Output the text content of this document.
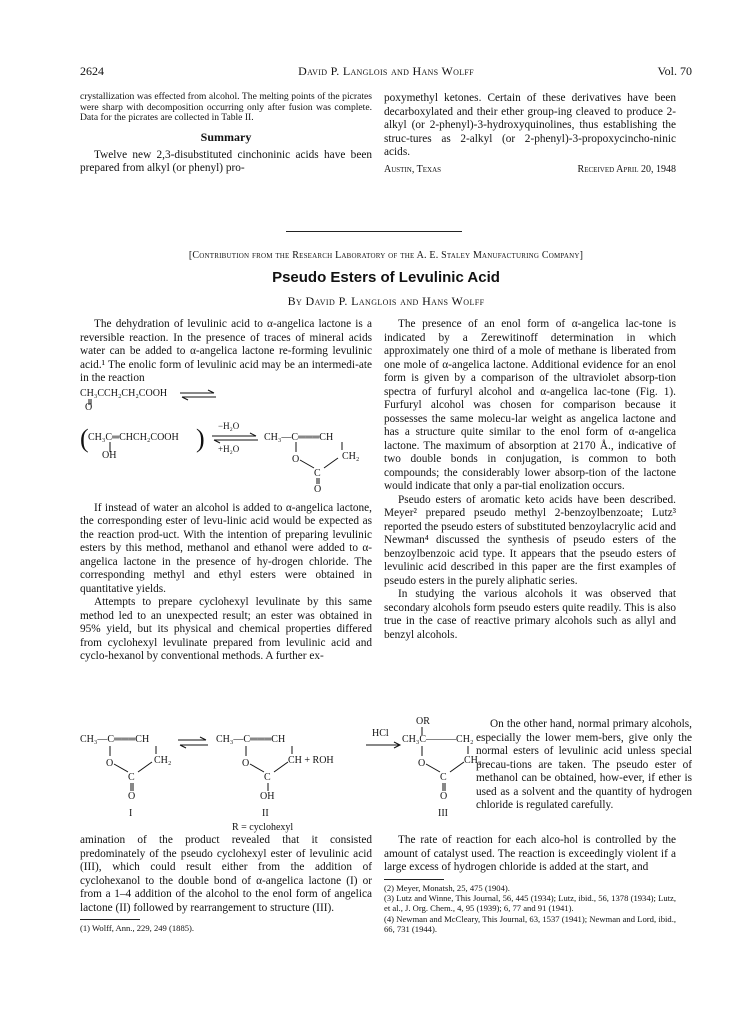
2624	David P. Langlois and Hans Wolff	Vol. 70

crystallization was effected from alcohol. The melting points of the picrates were sharp with decomposition occurring only after fusion was complete. Data for the picrates are collected in Table II.

Summary

Twelve new 2,3-disubstituted cinchoninic acids have been prepared from alkyl (or phenyl) pro-

poxymethyl ketones. Certain of these derivatives have been decarboxylated and their ether group-ing cleaved to produce 2-alkyl (or 2-phenyl)-3-hydroxyquinolines, thus establishing the struc-tures as 2-alkyl (or 2-phenyl)-3-propoxycincho-ninic acids.

Austin, Texas	Received April 20, 1948
[Contribution from the Research Laboratory of the A. E. Staley Manufacturing Company]
Pseudo Esters of Levulinic Acid
By David P. Langlois and Hans Wolff

The dehydration of levulinic acid to α-angelica lactone is a reversible reaction. In the presence of traces of mineral acids water can be added to α-angelica lactone re-forming levulinic acid.¹ The enolic form of levulinic acid may be an intermedi-ate in the reaction

CH₃CCH₂CH₂COOH ⇌
O
( CH₃C═CHCH₂COOH
OH
) −H₂O
+H₂O
CH₃—C═══CH
O	CH₂
C
O

If instead of water an alcohol is added to α-angelica lactone, the corresponding ester of levu-linic acid would be expected as the reaction prod-uct. With the intention of preparing levulinic esters by this method, methanol and ethanol were added to α-angelica lactone in the presence of hy-drogen chloride. The corresponding methyl and ethyl esters were obtained in quantitative yields.

Attempts to prepare cyclohexyl levulinate by this same method led to an unexpected result; an ester was obtained in 95% yield, but its physical and chemical properties differed from cyclohexyl levulinate prepared from levulinic acid and cyclo-hexanol by conventional methods. A further ex-

The presence of an enol form of α-angelica lac-tone is indicated by a Zerewitinoff determination in which approximately one third of a mole of methane is liberated from one mole of α-angelica lactone. Additional evidence for an enol form is given by a comparison of the ultraviolet absorp-tion spectra of furfuryl alcohol and α-angelica lac-tone (Fig. 1). Furfuryl alcohol was chosen for comparison because it possesses the same molecu-lar weight as angelica lactone and has a structure quite similar to the enol form of α-angelica lactone. The maximum of absorption at 2170 Å., indicative of two double bonds in conjugation, is common to both compounds; the considerably lower absorp-tion of the lactone would indicate that only a par-tial enolization occurs.

Pseudo esters of aromatic keto acids have been described. Meyer² prepared pseudo methyl 2-benzoylbenzoate; Lutz³ reported the pseudo esters of substituted benzoylacrylic acid and Newman⁴ discussed the synthesis of pseudo esters of the benzoylbenzoic acid type. It appears that the pseudo esters of levulinic acid described in this paper are the first examples of pseudo esters in the purely aliphatic series.

In studying the various alcohols it was observed that secondary alcohols form pseudo esters quite readily. This is also true in the case of reactive primary alcohols such as allyl and benzyl alcohols.

On the other hand, normal primary alcohols, especially the lower mem-bers, give only the normal esters of levulinic acid unless special precau-tions are taken. The pseudo ester of methanol can be obtained, how-ever, if ether is used as a solvent and the quantity of hydrogen chloride is regulated carefully.

CH₃—C═══CH
O	CH₂
C
O
I
CH₃—C═══CH
O	CH + ROH
C
OH
II
HCl
OR
CH₃C———CH₂
O	CH₂
C
O
III
R = cyclohexyl

amination of the product revealed that it consisted predominately of the pseudo cyclohexyl ester of levulinic acid (III), which could result either from the addition of cyclohexanol to the double bond of α-angelica lactone (I) or from a 1–4 addition of the alcohol to the enol form of angelica lactone (II) followed by rearrangement to structure (III).

(1) Wolff, Ann., 229, 249 (1885).

The rate of reaction for each alco-hol is controlled by the amount of catalyst used. The reaction is exceedingly violent if a large excess of hydrogen chloride is added at the start, and

(2) Meyer, Monatsh, 25, 475 (1904).

(3) Lutz and Winne, This Journal, 56, 445 (1934); Lutz, ibid., 56, 1378 (1934); Lutz, et al., J. Org. Chem., 4, 95 (1939); 6, 77 and 91 (1941).

(4) Newman and McCleary, This Journal, 63, 1537 (1941); Newman and Lord, ibid., 66, 731 (1944).
